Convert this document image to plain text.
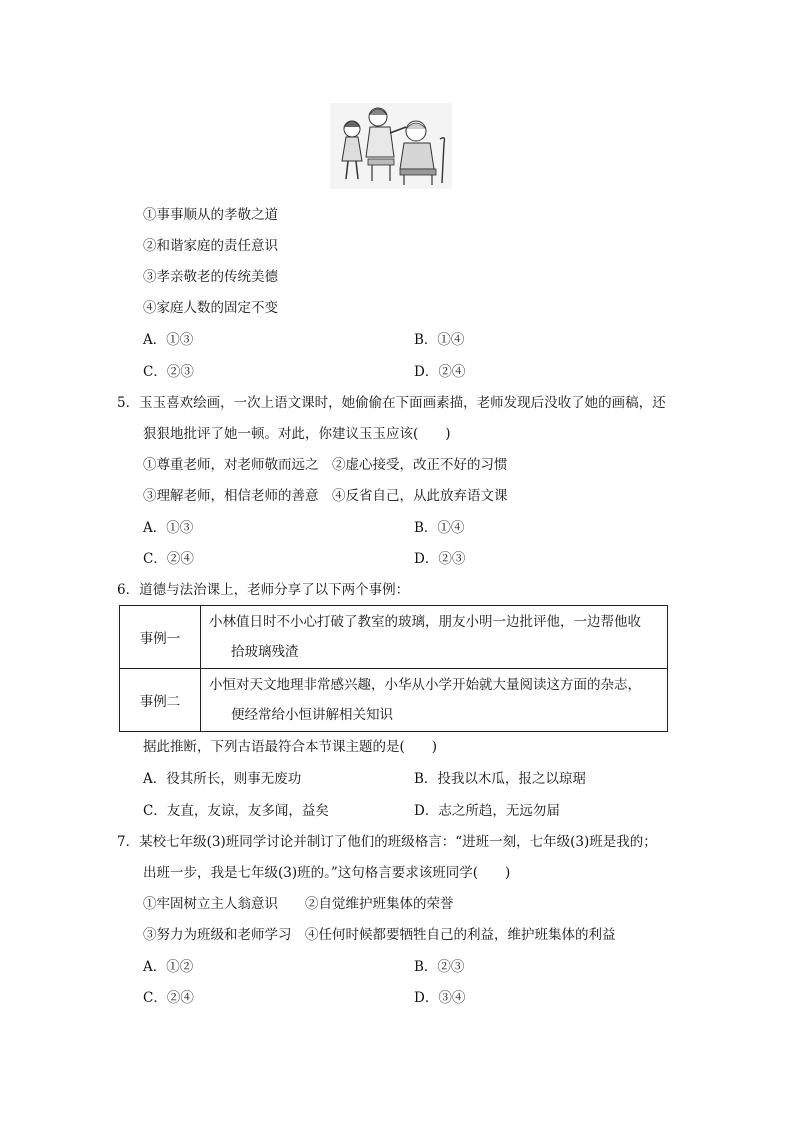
①事事顺从的孝敬之道
②和谐家庭的责任意识
③孝亲敬老的传统美德
④家庭人数的固定不变
A．①③	B．①④
C．②③	D．②④
5．玉玉喜欢绘画，一次上语文课时，她偷偷在下面画素描，老师发现后没收了她的画稿，还
狠狠地批评了她一顿。对此，你建议玉玉应该(　　)
①尊重老师，对老师敬而远之　②虚心接受，改正不好的习惯
③理解老师，相信老师的善意　④反省自己，从此放弃语文课
A．①③	B．①④
C．②④	D．②③
6．道德与法治课上，老师分享了以下两个事例：
事例一	小林值日时不小心打破了教室的玻璃，朋友小明一边批评他，一边帮他收
拾玻璃残渣

事例二	小恒对天文地理非常感兴趣，小华从小学开始就大量阅读这方面的杂志，
便经常给小恒讲解相关知识
据此推断，下列古语最符合本节课主题的是(　　)
A．役其所长，则事无废功	B．投我以木瓜，报之以琼琚
C．友直，友谅，友多闻，益矣	D．志之所趋，无远勿届
7．某校七年级(3)班同学讨论并制订了他们的班级格言：“进班一刻，七年级(3)班是我的；
出班一步，我是七年级(3)班的。”这句格言要求该班同学(　　)
①牢固树立主人翁意识　　②自觉维护班集体的荣誉
③努力为班级和老师学习　④任何时候都要牺牲自己的利益，维护班集体的利益
A．①②	B．②③
C．②④	D．③④
